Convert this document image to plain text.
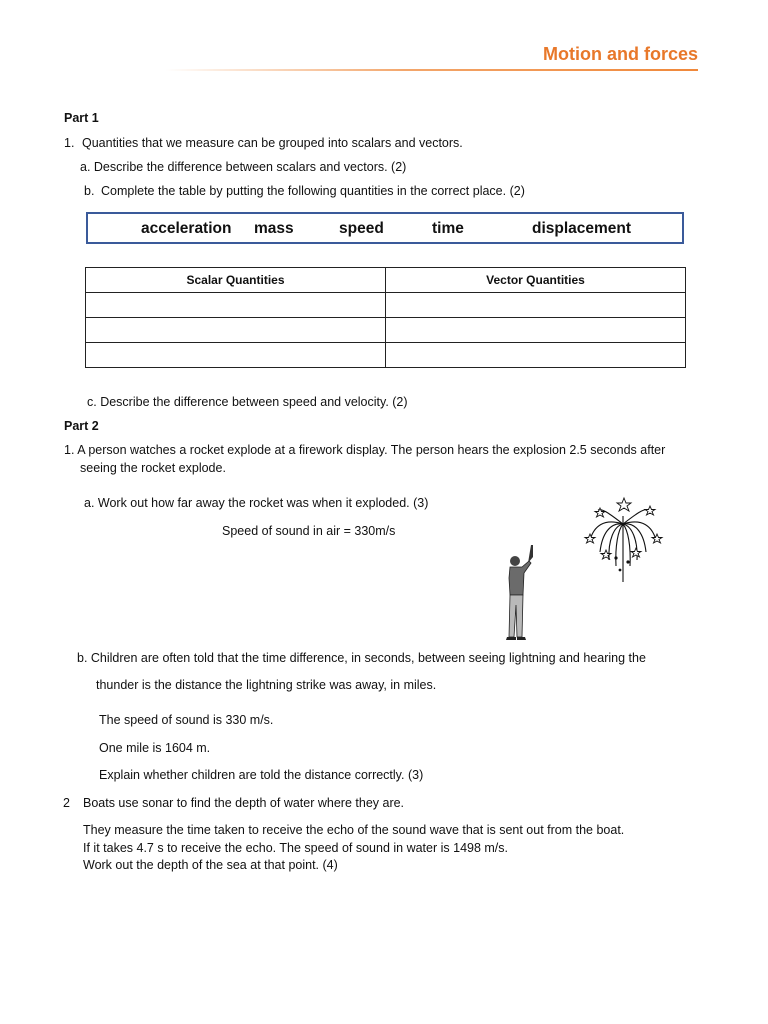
Motion and forces
Part 1
1. Quantities that we measure can be grouped into scalars and vectors.
a. Describe the difference between scalars and vectors. (2)
b. Complete the table by putting the following quantities in the correct place. (2)
acceleration mass	speed	time	displacement
Scalar Quantities	Vector Quantities

c. Describe the difference between speed and velocity. (2)
Part 2
1. A person watches a rocket explode at a firework display. The person hears the explosion 2.5 seconds after
seeing the rocket explode.
a. Work out how far away the rocket was when it exploded. (3)
Speed of sound in air = 330m/s
b. Children are often told that the time difference, in seconds, between seeing lightning and hearing the
thunder is the distance the lightning strike was away, in miles.
The speed of sound is 330 m/s.
One mile is 1604 m.
Explain whether children are told the distance correctly. (3)
2 Boats use sonar to find the depth of water where they are.
They measure the time taken to receive the echo of the sound wave that is sent out from the boat.
If it takes 4.7 s to receive the echo. The speed of sound in water is 1498 m/s.
Work out the depth of the sea at that point. (4)
